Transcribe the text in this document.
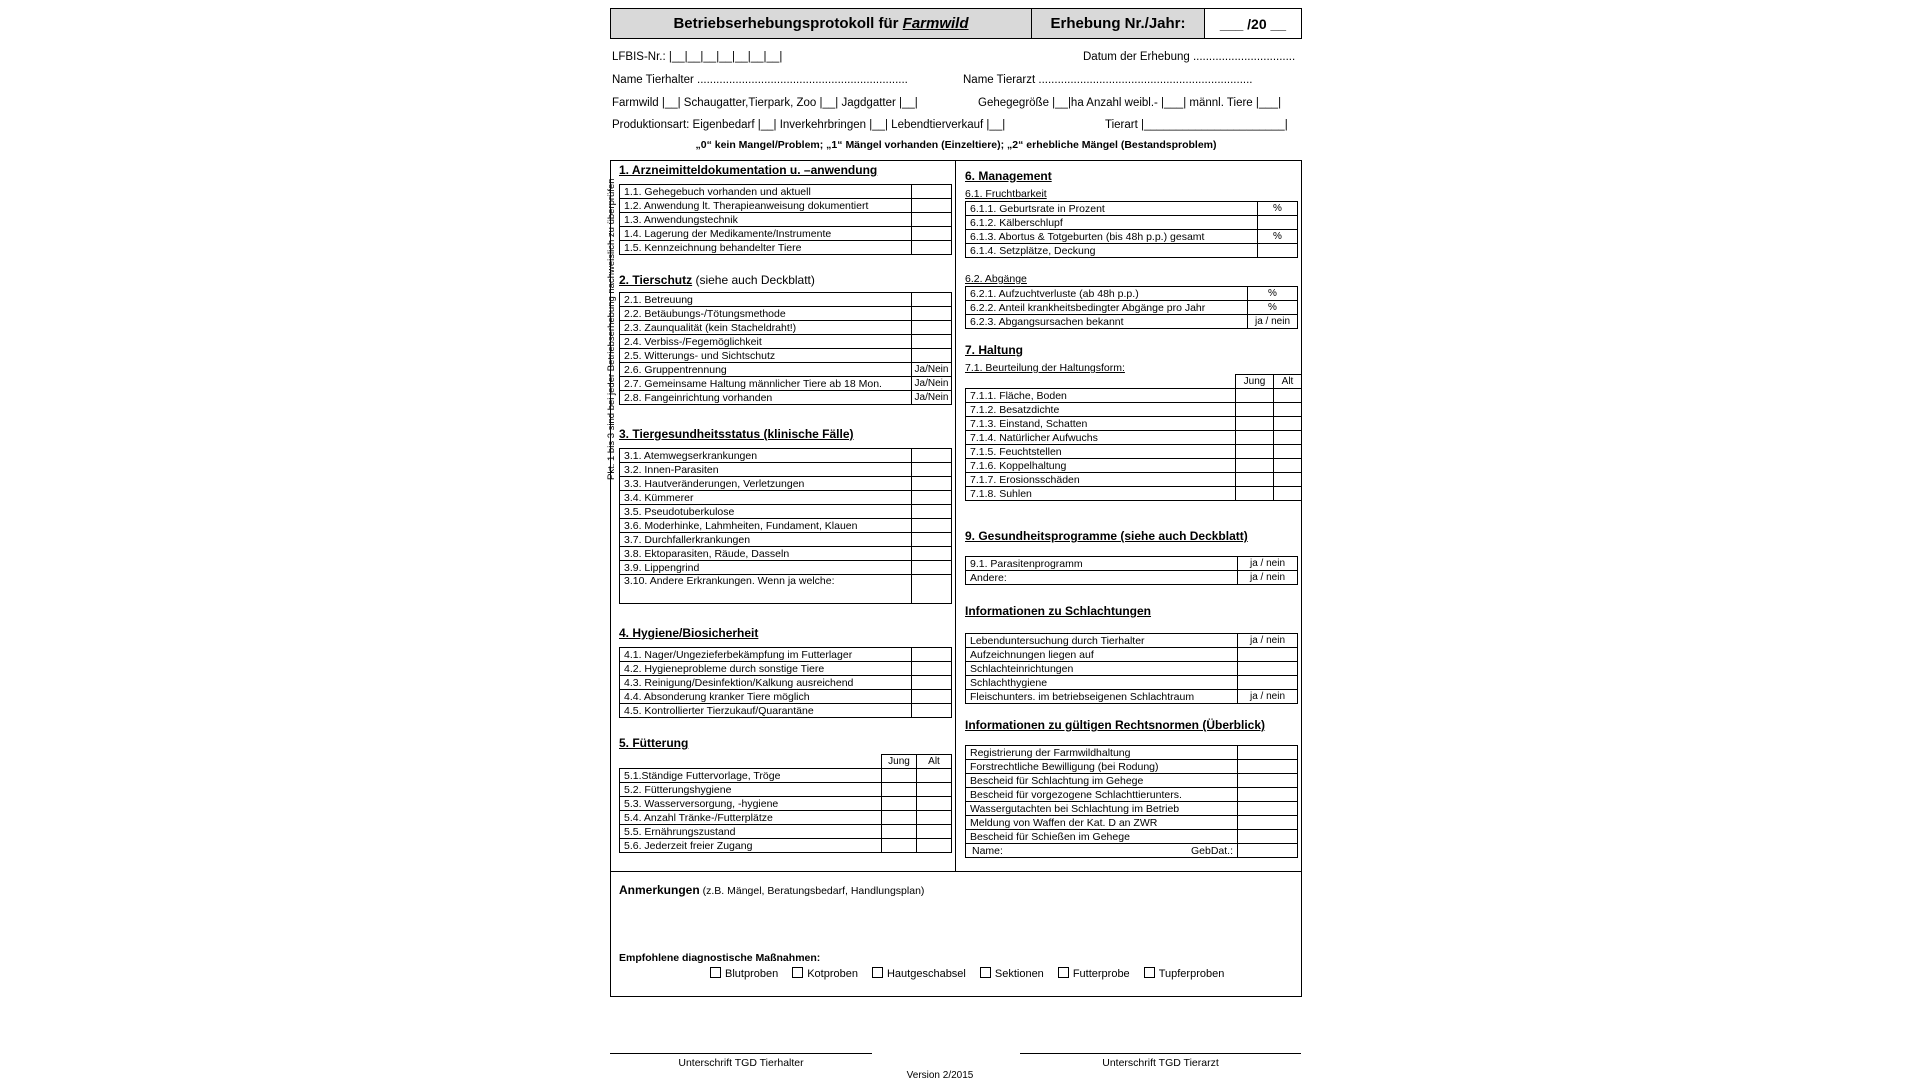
Betriebserhebungsprotokoll für
Farmwild	Erhebung Nr./Jahr:	___ /20 __
LFBIS-Nr.: |__|__|__|__|__|__|__|	Datum der Erhebung ................................
Name Tierhalter ..................................................................	Name Tierarzt ...................................................................
Farmwild |__| Schaugatter,Tierpark, Zoo |__| Jagdgatter |__|	Gehegegröße |__|ha Anzahl weibl.- |___| männl. Tiere |___|
Produktionsart: Eigenbedarf |__| Inverkehrbringen |__| Lebendtierverkauf |__|	Tierart |______________________|
„0“ kein Mangel/Problem; „1“ Mängel vorhanden (Einzeltiere); „2“ erhebliche Mängel (Bestandsproblem)
Pkt. 1 bis 3 sind bei jeder Betriebserhebung nachweislich zu überprüfen
1. Arzneimitteldokumentation u. –anwendung
1.1. Gehegebuch vorhanden und aktuell	
1.2. Anwendung lt. Therapieanweisung dokumentiert	
1.3. Anwendungstechnik	
1.4. Lagerung der Medikamente/Instrumente	
1.5. Kennzeichnung behandelter Tiere	
2. Tierschutz (siehe auch Deckblatt)
2.1. Betreuung	
2.2. Betäubungs-/Tötungsmethode	
2.3. Zaunqualität (kein Stacheldraht!)	
2.4. Verbiss-/Fegemöglichkeit	
2.5. Witterungs- und Sichtschutz	
2.6. Gruppentrennung	Ja/Nein
2.7. Gemeinsame Haltung männlicher Tiere ab 18 Mon.	Ja/Nein
2.8. Fangeinrichtung vorhanden	Ja/Nein
3. Tiergesundheitsstatus (klinische Fälle)
3.1. Atemwegserkrankungen	
3.2. Innen-Parasiten	
3.3. Hautveränderungen, Verletzungen	
3.4. Kümmerer	
3.5. Pseudotuberkulose	
3.6. Moderhinke, Lahmheiten, Fundament, Klauen	
3.7. Durchfallerkrankungen	
3.8. Ektoparasiten, Räude, Dasseln	
3.9. Lippengrind	
3.10. Andere Erkrankungen. Wenn ja welche:	
4. Hygiene/Biosicherheit
4.1. Nager/Ungezieferbekämpfung im Futterlager	
4.2. Hygieneprobleme durch sonstige Tiere	
4.3. Reinigung/Desinfektion/Kalkung ausreichend	
4.4. Absonderung kranker Tiere möglich	
4.5. Kontrollierter Tierzukauf/Quarantäne	
5. Fütterung
	Jung	Alt
5.1.Ständige Futtervorlage, Tröge		
5.2. Fütterungshygiene		
5.3. Wasserversorgung, -hygiene		
5.4. Anzahl Tränke-/Futterplätze		
5.5. Ernährungszustand		
5.6. Jederzeit freier Zugang		
6. Management
6.1. Fruchtbarkeit
6.1.1. Geburtsrate in Prozent	%
6.1.2. Kälberschlupf	
6.1.3. Abortus & Totgeburten (bis 48h p.p.) gesamt	%
6.1.4. Setzplätze, Deckung	
6.2. Abgänge
6.2.1. Aufzuchtverluste (ab 48h p.p.)	%
6.2.2. Anteil krankheitsbedingter Abgänge pro Jahr	%
6.2.3. Abgangsursachen bekannt	ja / nein
7. Haltung
7.1. Beurteilung der Haltungsform:
	Jung	Alt
7.1.1. Fläche, Boden		
7.1.2. Besatzdichte		
7.1.3. Einstand, Schatten		
7.1.4. Natürlicher Aufwuchs		
7.1.5. Feuchtstellen		
7.1.6. Koppelhaltung		
7.1.7. Erosionsschäden		
7.1.8. Suhlen		
9. Gesundheitsprogramme (siehe auch Deckblatt)
9.1. Parasitenprogramm	ja / nein
Andere:	ja / nein
Informationen zu Schlachtungen
Lebenduntersuchung durch Tierhalter	ja / nein
Aufzeichnungen liegen auf	
Schlachteinrichtungen	
Schlachthygiene	
Fleischunters. im betriebseigenen Schlachtraum	ja / nein
Informationen zu gültigen Rechtsnormen (Überblick)
Registrierung der Farmwildhaltung	
Forstrechtliche Bewilligung (bei Rodung)	
Bescheid für Schlachtung im Gehege	
Bescheid für vorgezogene Schlachttierunters.	
Wassergutachten bei Schlachtung im Betrieb	
Meldung von Waffen der Kat. D an ZWR	
Bescheid für Schießen im Gehege	
Name: GebDat.:	

Anmerkungen (z.B. Mängel, Beratungsbedarf, Handlungsplan)
Empfohlene diagnostische Maßnahmen:
Blutproben	Kotproben	Hautgeschabsel	Sektionen	Futterprobe	Tupferproben
Unterschrift TGD Tierhalter	Unterschrift TGD Tierarzt
Version 2/2015
